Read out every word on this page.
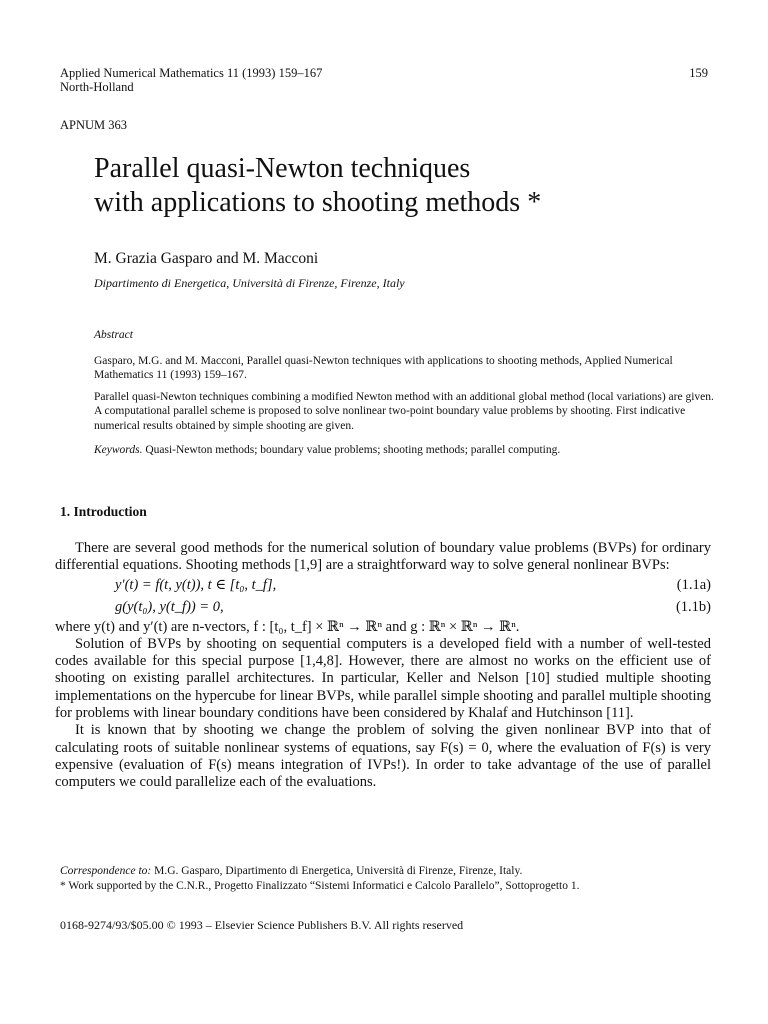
Applied Numerical Mathematics 11 (1993) 159–167
North-Holland
159
APNUM 363
Parallel quasi-Newton techniques
with applications to shooting methods *
M. Grazia Gasparo and M. Macconi
Dipartimento di Energetica, Università di Firenze, Firenze, Italy

Abstract

Gasparo, M.G. and M. Macconi, Parallel quasi-Newton techniques with applications to shooting methods, Applied Numerical Mathematics 11 (1993) 159–167.

Parallel quasi-Newton techniques combining a modified Newton method with an additional global method (local variations) are given. A computational parallel scheme is proposed to solve nonlinear two-point boundary value problems by shooting. First indicative numerical results obtained by simple shooting are given.

Keywords. Quasi-Newton methods; boundary value problems; shooting methods; parallel computing.

1. Introduction

There are several good methods for the numerical solution of boundary value problems (BVPs) for ordinary differential equations. Shooting methods [1,9] are a straightforward way to solve general nonlinear BVPs:

y′(t) = f(t, y(t)), t ∈ [t₀, t_f],	(1.1a)
g(y(t₀), y(t_f)) = 0,	(1.1b)

where y(t) and y′(t) are n-vectors, f : [t₀, t_f] × ℝⁿ → ℝⁿ and g : ℝⁿ × ℝⁿ → ℝⁿ.

Solution of BVPs by shooting on sequential computers is a developed field with a number of well-tested codes available for this special purpose [1,4,8]. However, there are almost no works on the efficient use of shooting on existing parallel architectures. In particular, Keller and Nelson [10] studied multiple shooting implementations on the hypercube for linear BVPs, while parallel simple shooting and parallel multiple shooting for problems with linear boundary conditions have been considered by Khalaf and Hutchinson [11].

It is known that by shooting we change the problem of solving the given nonlinear BVP into that of calculating roots of suitable nonlinear systems of equations, say F(s) = 0, where the evaluation of F(s) is very expensive (evaluation of F(s) means integration of IVPs!). In order to take advantage of the use of parallel computers we could parallelize each of the evaluations.

Correspondence to: M.G. Gasparo, Dipartimento di Energetica, Università di Firenze, Firenze, Italy.
* Work supported by the C.N.R., Progetto Finalizzato “Sistemi Informatici e Calcolo Parallelo”, Sottoprogetto 1.
0168-9274/93/$05.00 © 1993 – Elsevier Science Publishers B.V. All rights reserved
